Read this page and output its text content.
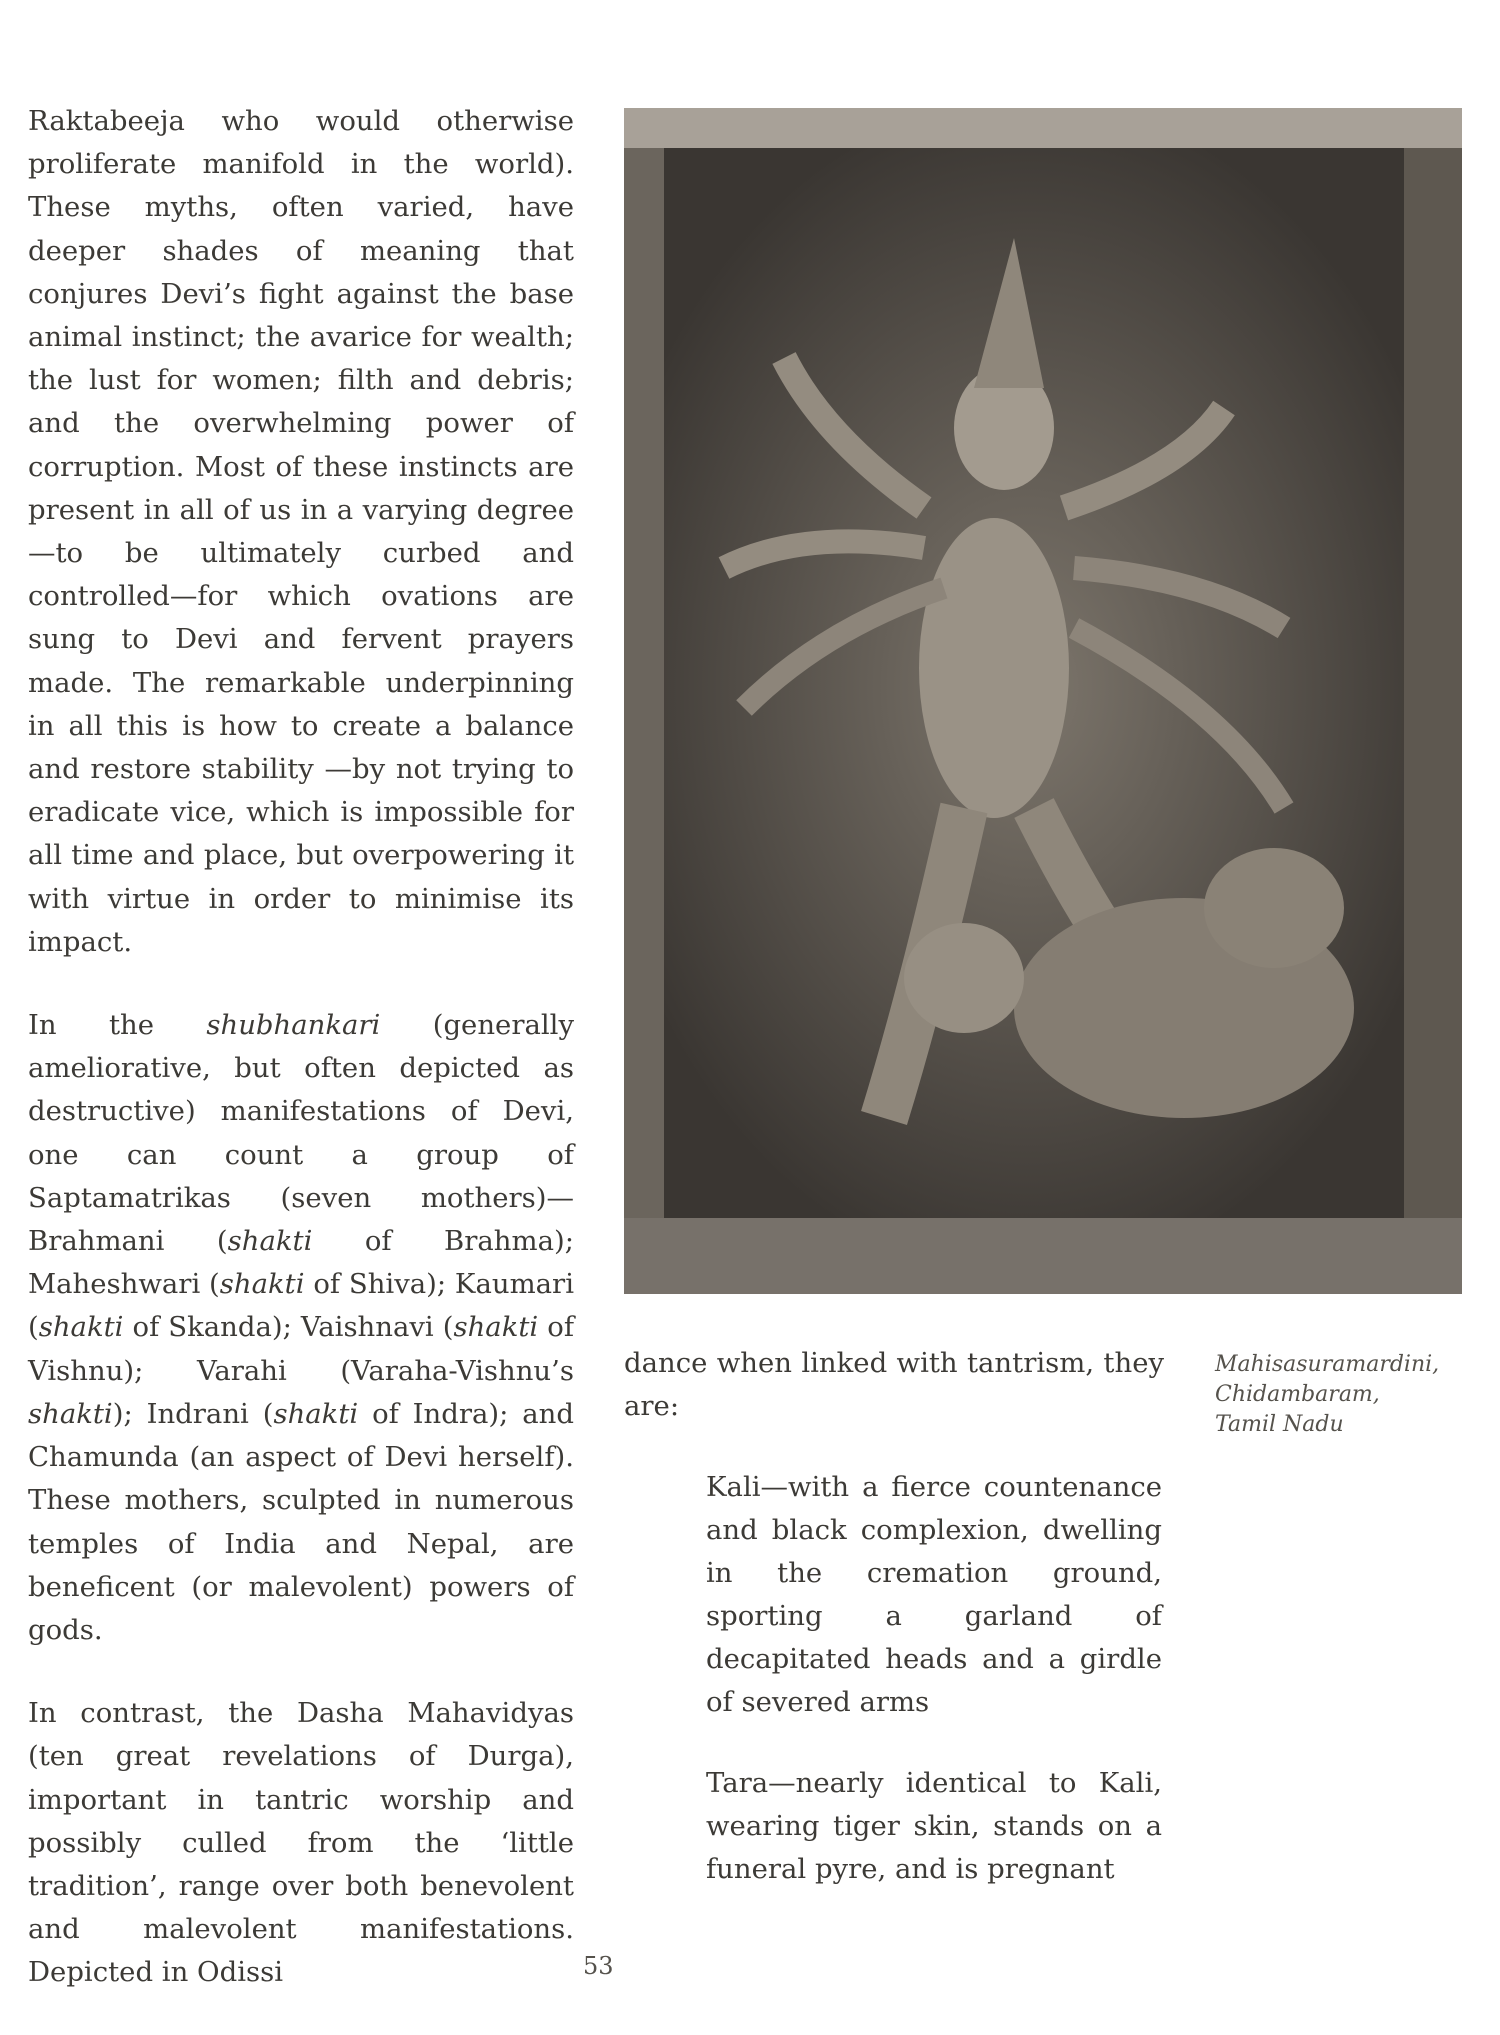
Raktabeeja who would otherwise proliferate manifold in the world). These myths, often varied, have deeper shades of meaning that conjures Devi’s fight against the base animal instinct; the avarice for wealth; the lust for women; filth and debris; and the overwhelming power of corruption. Most of these instincts are present in all of us in a varying degree—to be ultimately curbed and controlled—for which ovations are sung to Devi and fervent prayers made. The remarkable underpinning in all this is how to create a balance and restore stability —by not trying to eradicate vice, which is impossible for all time and place, but overpowering it with virtue in order to minimise its impact.

In the shubhankari (generally ameliorative, but often depicted as destructive) manifestations of Devi, one can count a group of Saptamatrikas (seven mothers)—Brahmani (shakti of Brahma); Maheshwari (shakti of Shiva); Kaumari (shakti of Skanda); Vaishnavi (shakti of Vishnu); Varahi (Varaha-Vishnu’s shakti); Indrani (shakti of Indra); and Chamunda (an aspect of Devi herself). These mothers, sculpted in numerous temples of India and Nepal, are beneficent (or malevolent) powers of gods.

In contrast, the Dasha Mahavidyas (ten great revelations of Durga), important in tantric worship and possibly culled from the ‘little tradition’, range over both benevolent and malevolent manifestations. Depicted in Odissi

dance when linked with tantrism, they are:

Kali—with a fierce countenance and black complexion, dwelling in the cremation ground, sporting a garland of decapitated heads and a girdle of severed arms

Tara—nearly identical to Kali, wearing tiger skin, stands on a funeral pyre, and is pregnant

Mahisasuramardini,
Chidambaram,
Tamil Nadu
53
